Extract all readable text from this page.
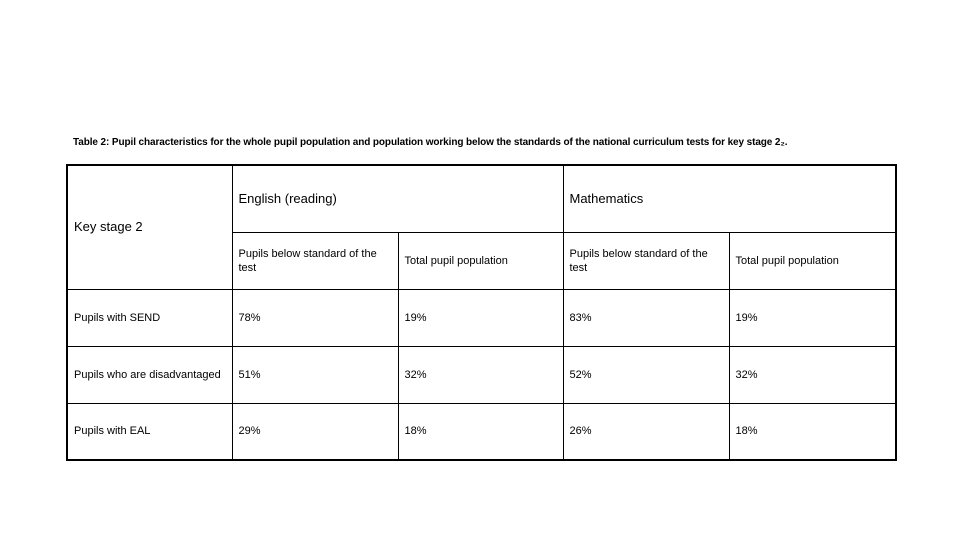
Table 2: Pupil characteristics for the whole pupil population and population working below the standards of the national curriculum tests for key stage 2₂.
Key stage 2	English (reading)		Mathematics	
	Pupils below standard of the test	Total pupil population	Pupils below standard of the test	Total pupil population
Pupils with SEND	78%	19%	83%	19%
Pupils who are disadvantaged	51%	32%	52%	32%
Pupils with EAL	29%	18%	26%	18%
